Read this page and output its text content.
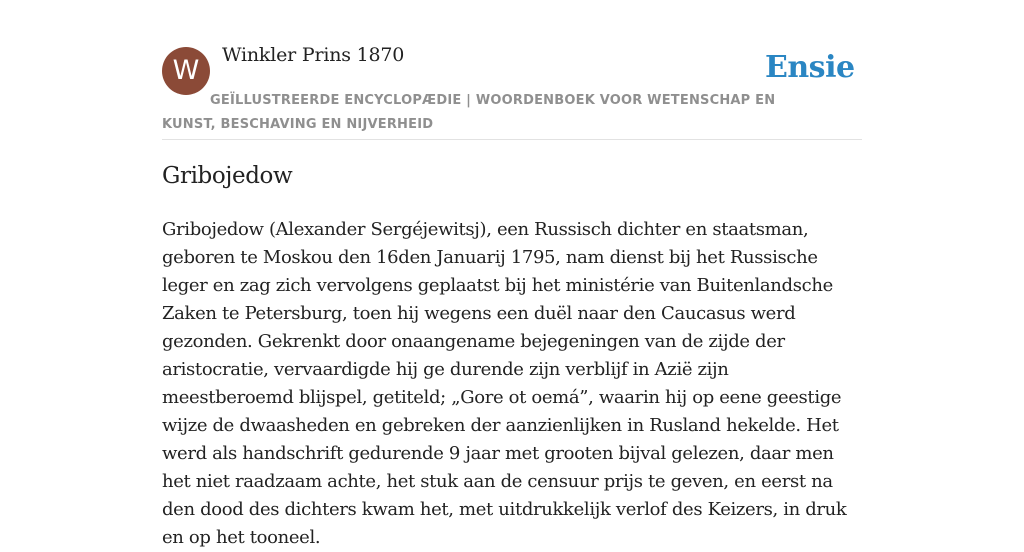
W	Winkler Prins 1870	Ensie
GEÏLLUSTREERDE ENCYCLOPÆDIE | WOORDENBOEK VOOR WETENSCHAP EN KUNST, BESCHAVING EN NIJVERHEID
Gribojedow

Gribojedow (Alexander Sergéjewitsj), een Russisch dichter en staatsman, geboren te Moskou den 16den Januarij 1795, nam dienst bij het Russische leger en zag zich vervolgens geplaatst bij het ministérie van Buitenlandsche Zaken te Petersburg, toen hij wegens een duël naar den Caucasus werd gezonden. Gekrenkt door onaangename bejegeningen van de zijde der aristocratie, vervaardigde hij ge durende zijn verblijf in Azië zijn meestberoemd blijspel, getiteld; „Gore ot oemá”, waarin hij op eene geestige wijze de dwaasheden en gebreken der aanzienlijken in Rusland hekelde. Het werd als handschrift gedurende 9 jaar met grooten bijval gelezen, daar men het niet raadzaam achte, het stuk aan de censuur prijs te geven, en eerst na den dood des dichters kwam het, met uitdrukkelijk verlof des Keizers, in druk en op het tooneel.
